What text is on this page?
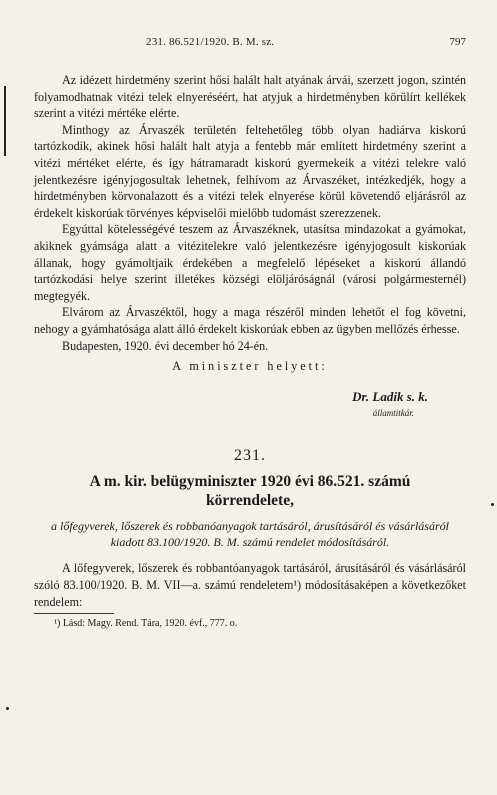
231. 86.521/1920. B. M. sz.	797

Az idézett hirdetmény szerint hősi halált halt atyának árvái, szerzett jogon, szintén folyamodhatnak vitézi telek elnyeréséért, hat atyjuk a hirdetményben körülírt kellékek szerint a vitézi mértéke elérte.

Minthogy az Árvaszék területén feltehetőleg több olyan hadiárva kiskorú tartózkodik, akinek hősi halált halt atyja a fentebb már említett hirdetmény szerint a vitézi mértéket elérte, és így hátramaradt kiskorú gyermekeik a vitézi telekre való jelentkezésre igényjogosultak lehetnek, felhívom az Árvaszéket, intézkedjék, hogy a hirdetményben körvonalazott és a vitézi telek elnyerése körül követendő eljárásról az érdekelt kiskorúak törvényes képviselői mielőbb tudomást szerezzenek.

Egyúttal kötelességévé teszem az Árvaszéknek, utasítsa mindazokat a gyámokat, akiknek gyámsága alatt a vitézitelekre való jelentkezésre igényjogosult kiskorúak állanak, hogy gyámoltjaik érdekében a megfelelő lépéseket a kiskorú állandó tartózkodási helye szerint illetékes községi elöljáróságnál (városi polgármesternél) megtegyék.

Elvárom az Árvaszéktől, hogy a maga részéről minden lehetőt el fog követni, nehogy a gyámhatósága alatt álló érdekelt kiskorúak ebben az ügyben mellőzés érhesse.

Budapesten, 1920. évi december hó 24-én.

A miniszter helyett:
Dr. Ladik s. k.
államtitkár.
231.
A m. kir. belügyminiszter 1920 évi 86.521. számú
körrendelete,
a lőfegyverek, lőszerek és robbanóanyagok tartásáról, árusításáról és vásárlásáról kiadott 83.100/1920. B. M. számú rendelet módosításáról.

A lőfegyverek, lőszerek és robbantóanyagok tartásáról, árusításáról és vásárlásáról szóló 83.100/1920. B. M. VII—a. számú rendeletem¹) módosításaképen a következőket rendelem:

¹) Lásd: Magy. Rend. Tára, 1920. évf., 777. o.
